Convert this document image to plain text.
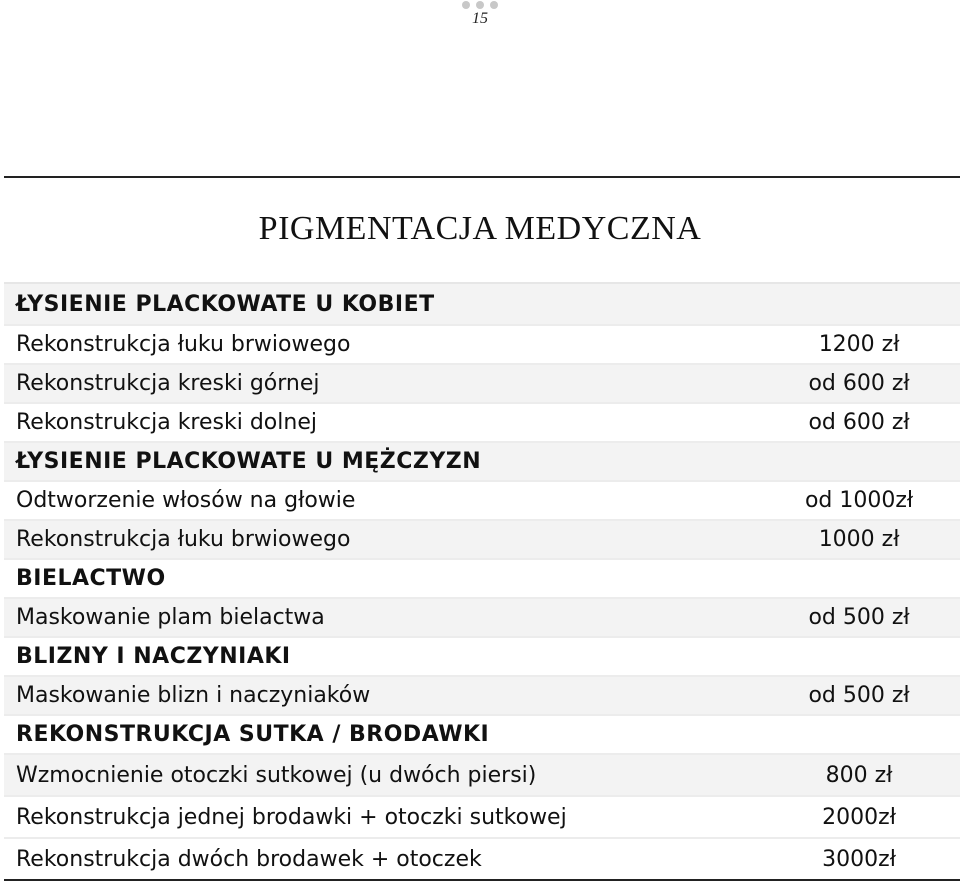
15
PIGMENTACJA MEDYCZNA
ŁYSIENIE PLACKOWATE U KOBIET
Rekonstrukcja łuku brwiowego	1200 zł
Rekonstrukcja kreski górnej	od 600 zł
Rekonstrukcja kreski dolnej	od 600 zł
ŁYSIENIE PLACKOWATE U MĘŻCZYZN
Odtworzenie włosów na głowie	od 1000zł
Rekonstrukcja łuku brwiowego	1000 zł
BIELACTWO
Maskowanie plam bielactwa	od 500 zł
BLIZNY I NACZYNIAKI
Maskowanie blizn i naczyniaków	od 500 zł
REKONSTRUKCJA SUTKA / BRODAWKI
Wzmocnienie otoczki sutkowej (u dwóch piersi)	800 zł
Rekonstrukcja jednej brodawki + otoczki sutkowej	2000zł
Rekonstrukcja dwóch brodawek + otoczek	3000zł
